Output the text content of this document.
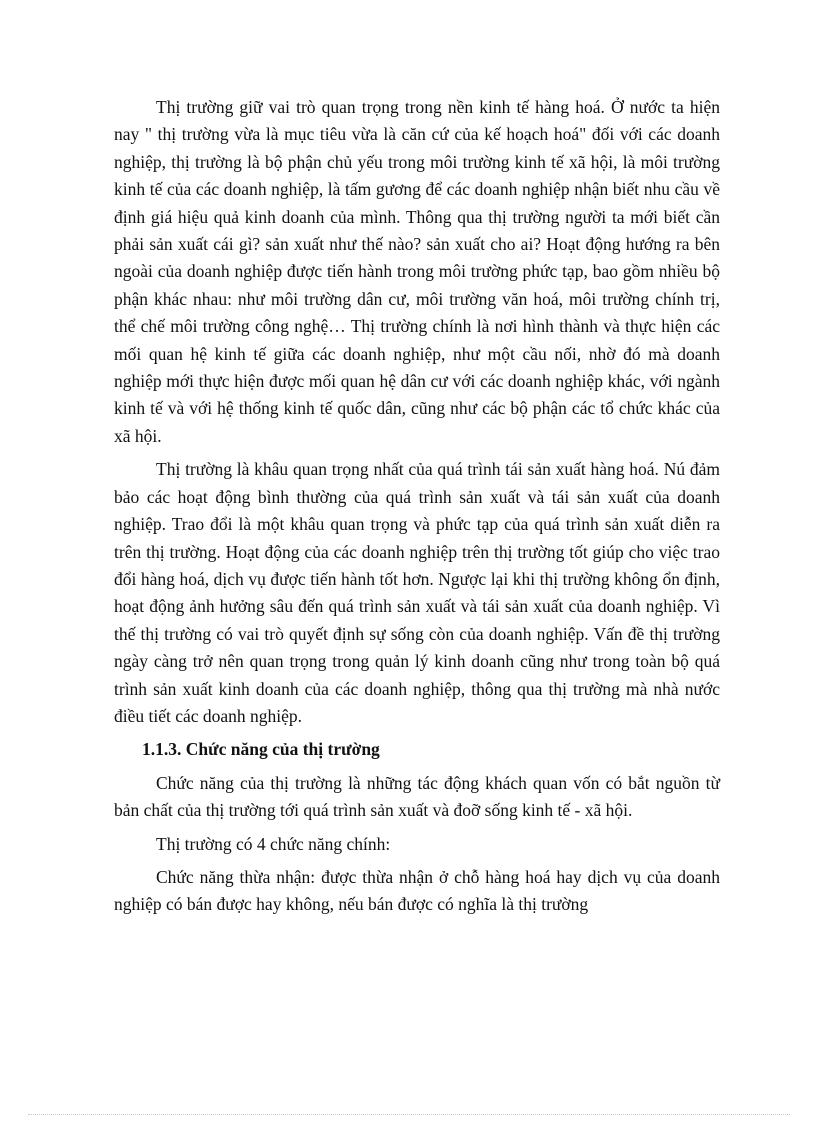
Thị trường giữ vai trò quan trọng trong nền kinh tế hàng hoá. Ở nước ta hiện nay " thị trường vừa là mục tiêu vừa là căn cứ của kế hoạch hoá" đối với các doanh nghiệp, thị trường là bộ phận chủ yếu trong môi trường kinh tế xã hội, là môi trường kinh tế của các doanh nghiệp, là tấm gương để các doanh nghiệp nhận biết nhu cầu về định giá hiệu quả kinh doanh của mình. Thông qua thị trường người ta mới biết cần phải sản xuất cái gì? sản xuất như thế nào? sản xuất cho ai? Hoạt động hướng ra bên ngoài của doanh nghiệp được tiến hành trong môi trường phức tạp, bao gồm nhiều bộ phận khác nhau: như môi trường dân cư, môi trường văn hoá, môi trường chính trị, thể chế môi trường công nghệ… Thị trường chính là nơi hình thành và thực hiện các mối quan hệ kinh tế giữa các doanh nghiệp, như một cầu nối, nhờ đó mà doanh nghiệp mới thực hiện được mối quan hệ dân cư với các doanh nghiệp khác, với ngành kinh tế và với hệ thống kinh tế quốc dân, cũng như các bộ phận các tổ chức khác của xã hội.

Thị trường là khâu quan trọng nhất của quá trình tái sản xuất hàng hoá. Nú đảm bảo các hoạt động bình thường của quá trình sản xuất và tái sản xuất của doanh nghiệp. Trao đổi là một khâu quan trọng và phức tạp của quá trình sản xuất diễn ra trên thị trường. Hoạt động của các doanh nghiệp trên thị trường tốt giúp cho việc trao đổi hàng hoá, dịch vụ được tiến hành tốt hơn. Ngược lại khi thị trường không ổn định, hoạt động ảnh hưởng sâu đến quá trình sản xuất và tái sản xuất của doanh nghiệp. Vì thế thị trường có vai trò quyết định sự sống còn của doanh nghiệp. Vấn đề thị trường ngày càng trở nên quan trọng trong quản lý kinh doanh cũng như trong toàn bộ quá trình sản xuất kinh doanh của các doanh nghiệp, thông qua thị trường mà nhà nước điều tiết các doanh nghiệp.

1.1.3. Chức năng của thị trường

Chức năng của thị trường là những tác động khách quan vốn có bắt nguồn từ bản chất của thị trường tới quá trình sản xuất và đoỡ sống kinh tế - xã hội.

Thị trường có 4 chức năng chính:

Chức năng thừa nhận: được thừa nhận ở chỗ hàng hoá hay dịch vụ của doanh nghiệp có bán được hay không, nếu bán được có nghĩa là thị trường
